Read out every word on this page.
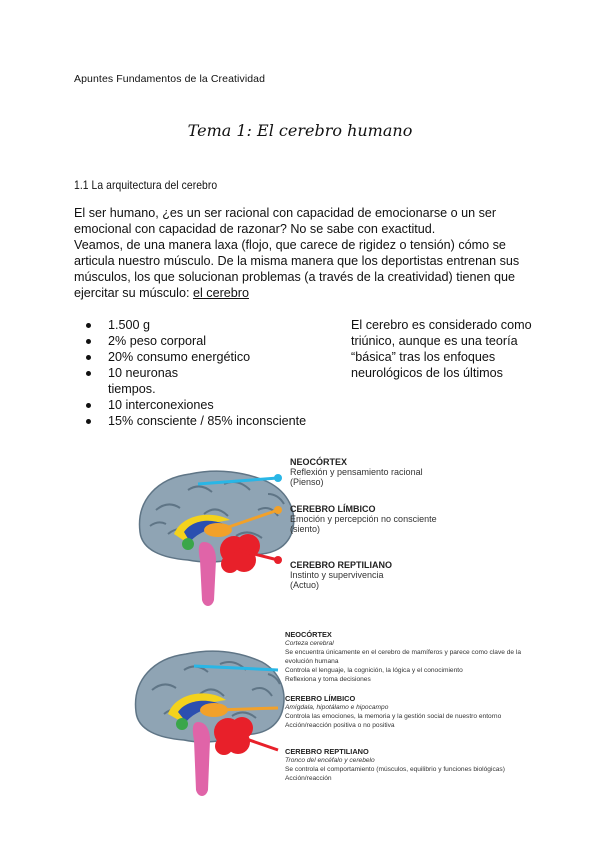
Apuntes Fundamentos de la Creatividad
Tema 1: El cerebro humano
1.1 La arquitectura del cerebro

El ser humano, ¿es un ser racional con capacidad de emocionarse o un ser emocional con capacidad de razonar? No se sabe con exactitud.

Veamos, de una manera laxa (flojo, que carece de rigidez o tensión) cómo se articula nuestro músculo. De la misma manera que los deportistas entrenan sus músculos, los que solucionan problemas (a través de la creatividad) tienen que ejercitar su músculo: el cerebro

1.500 g
2% peso corporal
20% consumo energético
10 neuronas
tiempos.
10 interconexiones
15% consciente / 85% inconsciente
El cerebro es considerado como triúnico, aunque es una teoría “básica” tras los enfoques neurológicos de los últimos
NEOCÓRTEX
Reflexión y pensamiento racional
(Pienso)
CEREBRO LÍMBICO
Emoción y percepción no consciente
(siento)
CEREBRO REPTILIANO
Instinto y supervivencia
(Actuo)
NEOCÓRTEX
Corteza cerebral
Se encuentra únicamente en el cerebro de mamíferos y parece como clave de la evolución humana
Controla el lenguaje, la cognición, la lógica y el conocimiento
Reflexiona y toma decisiones
CEREBRO LÍMBICO
Amígdala, hipotálamo e hipocampo
Controla las emociones, la memoria y la gestión social de nuestro entorno
Acción/reacción positiva o no positiva
CEREBRO REPTILIANO
Tronco del encéfalo y cerebelo
Se controla el comportamiento (músculos, equilibrio y funciones biológicas)
Acción/reacción
